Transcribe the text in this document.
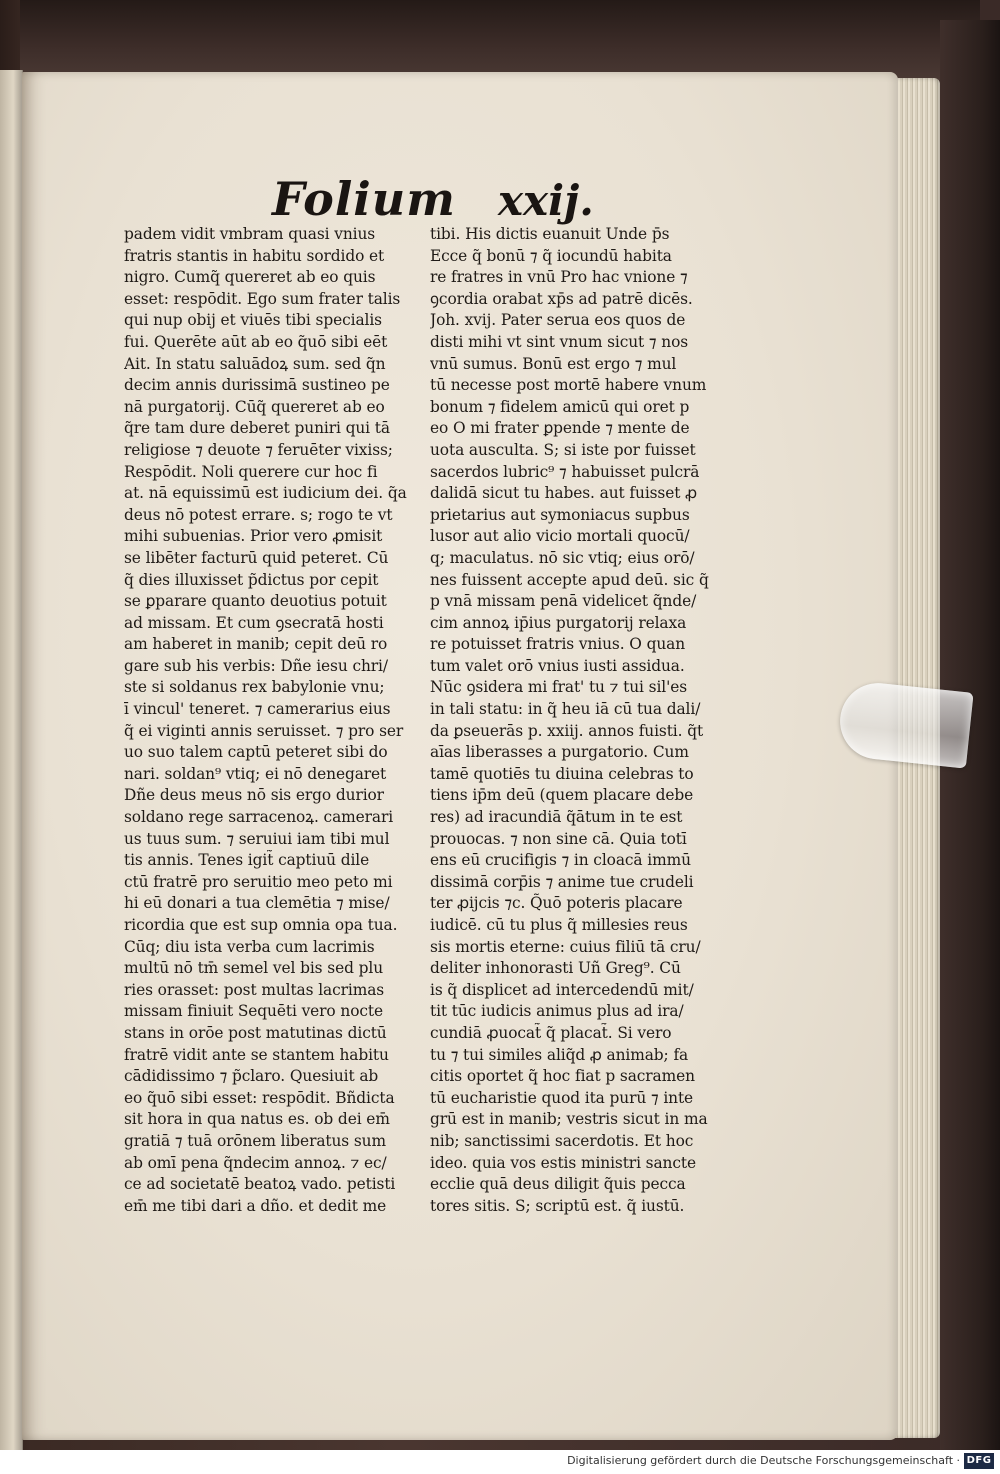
Folium xxij.
padem vidit vmbram quasi vnius
fratris stantis in habitu sordido et
nigro. Cumq̃ quereret ab eo quis
esset: respōdit. Ego sum frater talis
qui nup obij et viuēs tibi specialis
fui. Querēte aūt ab eo q̃uō sibi eēt
Ait. In statu saluādoꝝ sum. sed q̃n
decim annis durissimā sustineo pe
nā purgatorij. Cūq̃ quereret ab eo
q̃re tam dure deberet puniri qui tā
religiose ⁊ deuote ⁊ feruēter vixiss;
Respōdit. Noli querere cur hoc fi
at. nā equissimū est iudicium dei. q̃a
deus nō potest errare. s; rogo te vt
mihi subuenias. Prior vero ꝓmisit
se libēter facturū quid peteret. Cū
q̃ dies illuxisset p̃dictus por cepit
se ꝑparare quanto deuotius potuit
ad missam. Et cum ꝯsecratā hosti
am haberet in manib; cepit deū ro
gare sub his verbis: Dñe iesu chri/
ste si soldanus rex babylonie vnu;
ī vincul' teneret. ⁊ camerarius eius
q̃ ei viginti annis seruisset. ⁊ pro ser
uo suo talem captū peteret sibi do
nari. soldan⁹ vtiq; ei nō denegaret
Dñe deus meus nō sis ergo durior
soldano rege sarracenoꝝ. camerari
us tuus sum. ⁊ seruiui iam tibi mul
tis annis. Tenes igit̃ captiuū dile
ctū fratrē pro seruitio meo peto mi
hi eū donari a tua clemētia ⁊ mise/
ricordia que est sup omnia opa tua.
Cūq; diu ista verba cum lacrimis
multū nō tm̄ semel vel bis sed plu
ries orasset: post multas lacrimas
missam finiuit Sequēti vero nocte
stans in orōe post matutinas dictū
fratrē vidit ante se stantem habitu
cādidissimo ⁊ p̃claro. Quesiuit ab
eo q̃uō sibi esset: respōdit. Bñdicta
sit hora in qua natus es. ob dei em̄
gratiā ⁊ tuā orōnem liberatus sum
ab omī pena q̃ndecim annoꝝ. ⁊ ec/
ce ad societatē beatoꝝ vado. petisti
em̄ me tibi dari a dño. et dedit me
tibi. His dictis euanuit Unde p̄s
Ecce q̃ bonū ⁊ q̃ iocundū habita
re fratres in vnū Pro hac vnione ⁊
ꝯcordia orabat xp̄s ad patrē dicēs.
Joh. xvij. Pater serua eos quos de
disti mihi vt sint vnum sicut ⁊ nos
vnū sumus. Bonū est ergo ⁊ mul
tū necesse post mortē habere vnum
bonum ⁊ fidelem amicū qui oret p
eo O mi frater ꝑpende ⁊ mente de
uota ausculta. S; si iste por fuisset
sacerdos lubric⁹ ⁊ habuisset pulcrā
dalidā sicut tu habes. aut fuisset ꝓ
prietarius aut symoniacus supbus
lusor aut alio vicio mortali quocū/
q; maculatus. nō sic vtiq; eius orō/
nes fuissent accepte apud deū. sic q̃
p vnā missam penā videlicet q̃nde/
cim annoꝝ ip̄ius purgatorij relaxa
re potuisset fratris vnius. O quan
tum valet orō vnius iusti assidua.
Nūc ꝯsidera mi frat' tu ⁊ tui sil'es
in tali statu: in q̃ heu iā cū tua dali/
da ꝑseuerās p. xxiij. annos fuisti. q̃t
aīas liberasses a purgatorio. Cum
tamē quotiēs tu diuina celebras to
tiens ip̄m deū (quem placare debe
res) ad iracundiā q̃ātum in te est
prouocas. ⁊ non sine cā. Quia totī
ens eū crucifigis ⁊ in cloacā immū
dissimā corp̄is ⁊ anime tue crudeli
ter ꝓijcis ⁊c. Q̃uō poteris placare
iudicē. cū tu plus q̃ millesies reus
sis mortis eterne: cuius filiū tā cru/
deliter inhonorasti Uñ Greg⁹. Cū
is q̃ displicet ad intercedendū mit/
tit tūc iudicis animus plus ad ira/
cundiā ꝓuocat̃ q̃ placat̃. Si vero
tu ⁊ tui similes aliq̃d ꝓ animab; fa
citis oportet q̃ hoc fiat p sacramen
tū eucharistie quod ita purū ⁊ inte
grū est in manib; vestris sicut in ma
nib; sanctissimi sacerdotis. Et hoc
ideo. quia vos estis ministri sancte
ecclie quā deus diligit q̃uis pecca
tores sitis. S; scriptū est. q̃ iustū.
Digitalisierung gefördert durch die Deutsche Forschungsgemeinschaft · DFG
